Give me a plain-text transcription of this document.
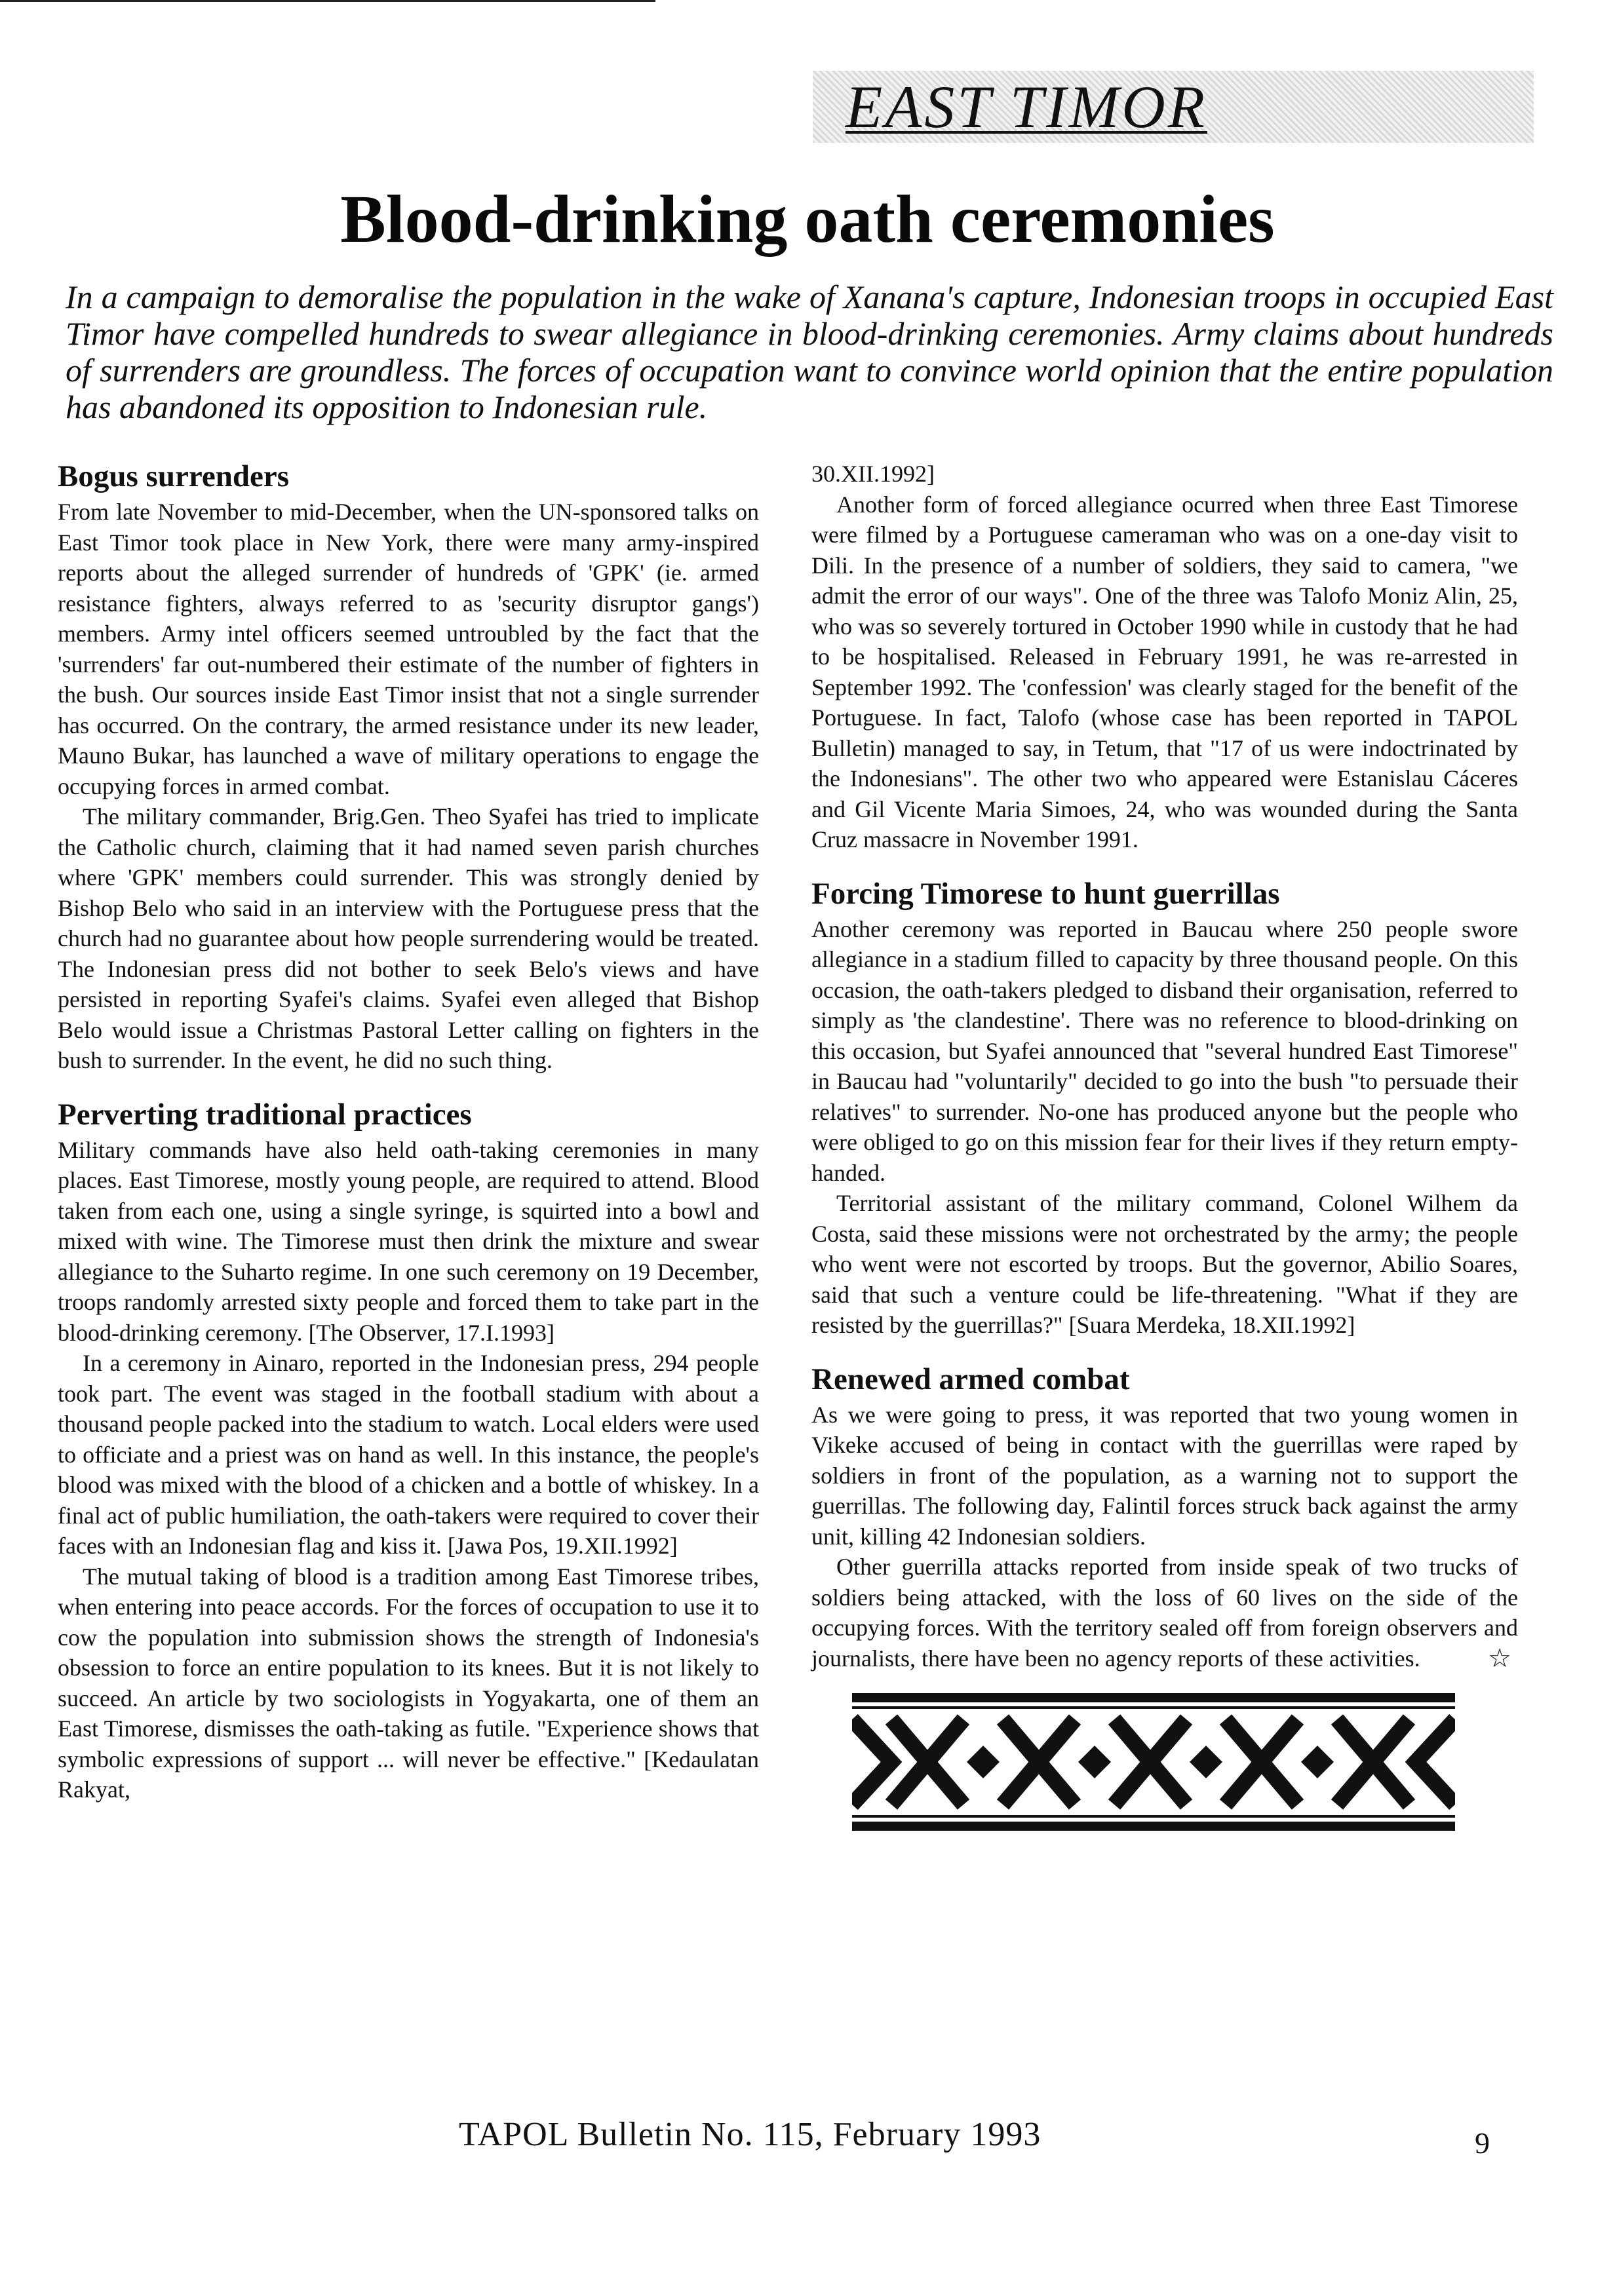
EAST TIMOR
Blood-drinking oath ceremonies
In a campaign to demoralise the population in the wake of Xanana's capture, Indonesian troops in occupied East Timor have compelled hundreds to swear allegiance in blood-drinking ceremonies. Army claims about hundreds of surrenders are groundless. The forces of occupation want to convince world opinion that the entire population has abandoned its opposition to Indonesian rule.
Bogus surrenders

From late November to mid-December, when the UN-sponsored talks on East Timor took place in New York, there were many army-inspired reports about the alleged surrender of hundreds of 'GPK' (ie. armed resistance fighters, always referred to as 'security disruptor gangs') members. Army intel officers seemed untroubled by the fact that the 'surrenders' far out-numbered their estimate of the number of fighters in the bush. Our sources inside East Timor insist that not a single surrender has occurred. On the contrary, the armed resistance under its new leader, Mauno Bukar, has launched a wave of military operations to engage the occupying forces in armed combat.

The military commander, Brig.Gen. Theo Syafei has tried to implicate the Catholic church, claiming that it had named seven parish churches where 'GPK' members could surrender. This was strongly denied by Bishop Belo who said in an interview with the Portuguese press that the church had no guarantee about how people surrendering would be treated. The Indonesian press did not bother to seek Belo's views and have persisted in reporting Syafei's claims. Syafei even alleged that Bishop Belo would issue a Christmas Pastoral Letter calling on fighters in the bush to surrender. In the event, he did no such thing.

Perverting traditional practices

Military commands have also held oath-taking ceremonies in many places. East Timorese, mostly young people, are required to attend. Blood taken from each one, using a single syringe, is squirted into a bowl and mixed with wine. The Timorese must then drink the mixture and swear allegiance to the Suharto regime. In one such ceremony on 19 December, troops randomly arrested sixty people and forced them to take part in the blood-drinking ceremony. [The Observer, 17.I.1993]

In a ceremony in Ainaro, reported in the Indonesian press, 294 people took part. The event was staged in the football stadium with about a thousand people packed into the stadium to watch. Local elders were used to officiate and a priest was on hand as well. In this instance, the people's blood was mixed with the blood of a chicken and a bottle of whiskey. In a final act of public humiliation, the oath-takers were required to cover their faces with an Indonesian flag and kiss it. [Jawa Pos, 19.XII.1992]

The mutual taking of blood is a tradition among East Timorese tribes, when entering into peace accords. For the forces of occupation to use it to cow the population into submission shows the strength of Indonesia's obsession to force an entire population to its knees. But it is not likely to succeed. An article by two sociologists in Yogyakarta, one of them an East Timorese, dismisses the oath-taking as futile. "Experience shows that symbolic expressions of support ... will never be effective." [Kedaulatan Rakyat,

30.XII.1992]

Another form of forced allegiance ocurred when three East Timorese were filmed by a Portuguese cameraman who was on a one-day visit to Dili. In the presence of a number of soldiers, they said to camera, "we admit the error of our ways". One of the three was Talofo Moniz Alin, 25, who was so severely tortured in October 1990 while in custody that he had to be hospitalised. Released in February 1991, he was re-arrested in September 1992. The 'confession' was clearly staged for the benefit of the Portuguese. In fact, Talofo (whose case has been reported in TAPOL Bulletin) managed to say, in Tetum, that "17 of us were indoctrinated by the Indonesians". The other two who appeared were Estanislau Cáceres and Gil Vicente Maria Simoes, 24, who was wounded during the Santa Cruz massacre in November 1991.

Forcing Timorese to hunt guerrillas

Another ceremony was reported in Baucau where 250 people swore allegiance in a stadium filled to capacity by three thousand people. On this occasion, the oath-takers pledged to disband their organisation, referred to simply as 'the clandestine'. There was no reference to blood-drinking on this occasion, but Syafei announced that "several hundred East Timorese" in Baucau had "voluntarily" decided to go into the bush "to persuade their relatives" to surrender. No-one has produced anyone but the people who were obliged to go on this mission fear for their lives if they return empty-handed.

Territorial assistant of the military command, Colonel Wilhem da Costa, said these missions were not orchestrated by the army; the people who went were not escorted by troops. But the governor, Abilio Soares, said that such a venture could be life-threatening. "What if they are resisted by the guerrillas?" [Suara Merdeka, 18.XII.1992]

Renewed armed combat

As we were going to press, it was reported that two young women in Vikeke accused of being in contact with the guerrillas were raped by soldiers in front of the population, as a warning not to support the guerrillas. The following day, Falintil forces struck back against the army unit, killing 42 Indonesian soldiers.

Other guerrilla attacks reported from inside speak of two trucks of soldiers being attacked, with the loss of 60 lives on the side of the occupying forces. With the territory sealed off from foreign observers and journalists, there have been no agency reports of these activities.	☆

TAPOL Bulletin No. 115, February 1993	9
